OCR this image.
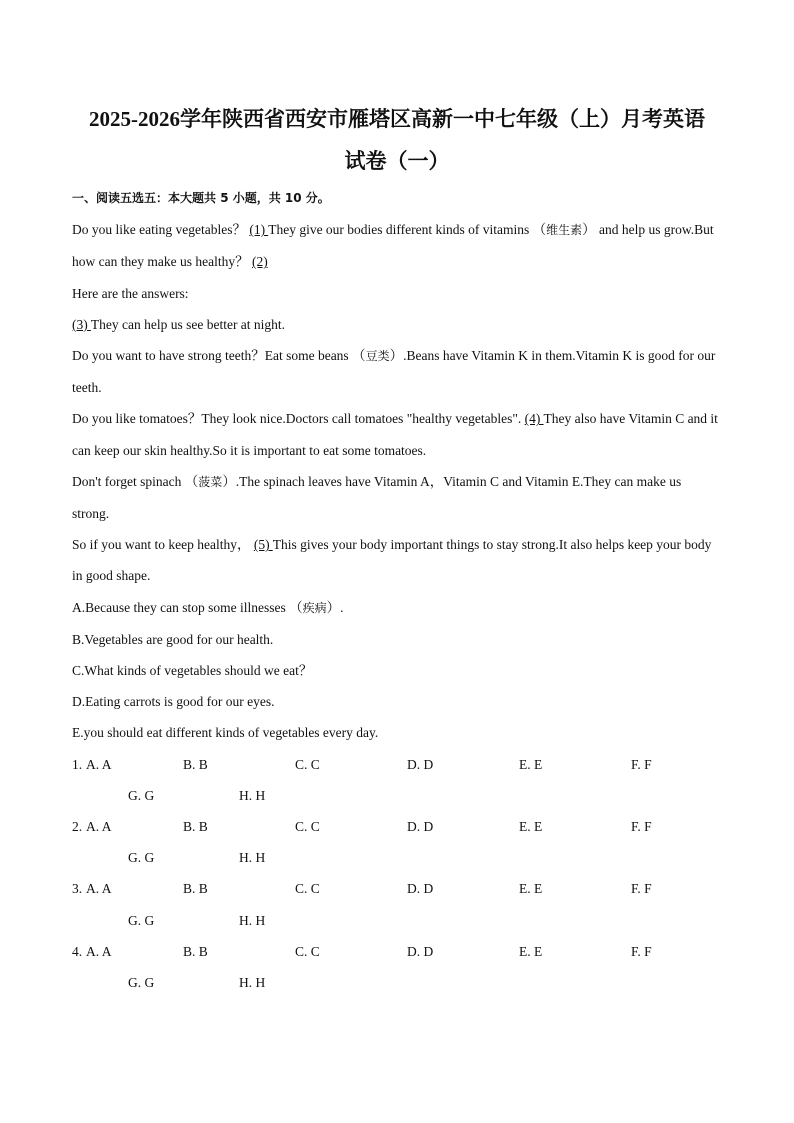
2025-2026学年陕西省西安市雁塔区高新一中七年级（上）月考英语
试卷（一）

一、阅读五选五：本大题共 5 小题，共 10 分。

Do you like eating vegetables？ (1) They give our bodies different kinds of vitamins （维生素） and help us grow.But how can they make us healthy？ (2)

Here are the answers:

(3) They can help us see better at night.

Do you want to have strong teeth？Eat some beans （豆类）.Beans have Vitamin K in them.Vitamin K is good for our teeth.

Do you like tomatoes？They look nice.Doctors call tomatoes "healthy vegetables". (4) They also have Vitamin C and it can keep our skin healthy.So it is important to eat some tomatoes.

Don't forget spinach （菠菜）.The spinach leaves have Vitamin A，Vitamin C and Vitamin E.They can make us strong.

So if you want to keep healthy， (5) This gives your body important things to stay strong.It also helps keep your body in good shape.

A.Because they can stop some illnesses （疾病）.

B.Vegetables are good for our health.

C.What kinds of vegetables should we eat？

D.Eating carrots is good for our eyes.

E.you should eat different kinds of vegetables every day.

1. A. A	B. B	C. C	D. D	E. E	F. F
G. G	H. H
2. A. A	B. B	C. C	D. D	E. E	F. F
G. G	H. H
3. A. A	B. B	C. C	D. D	E. E	F. F
G. G	H. H
4. A. A	B. B	C. C	D. D	E. E	F. F
G. G	H. H
